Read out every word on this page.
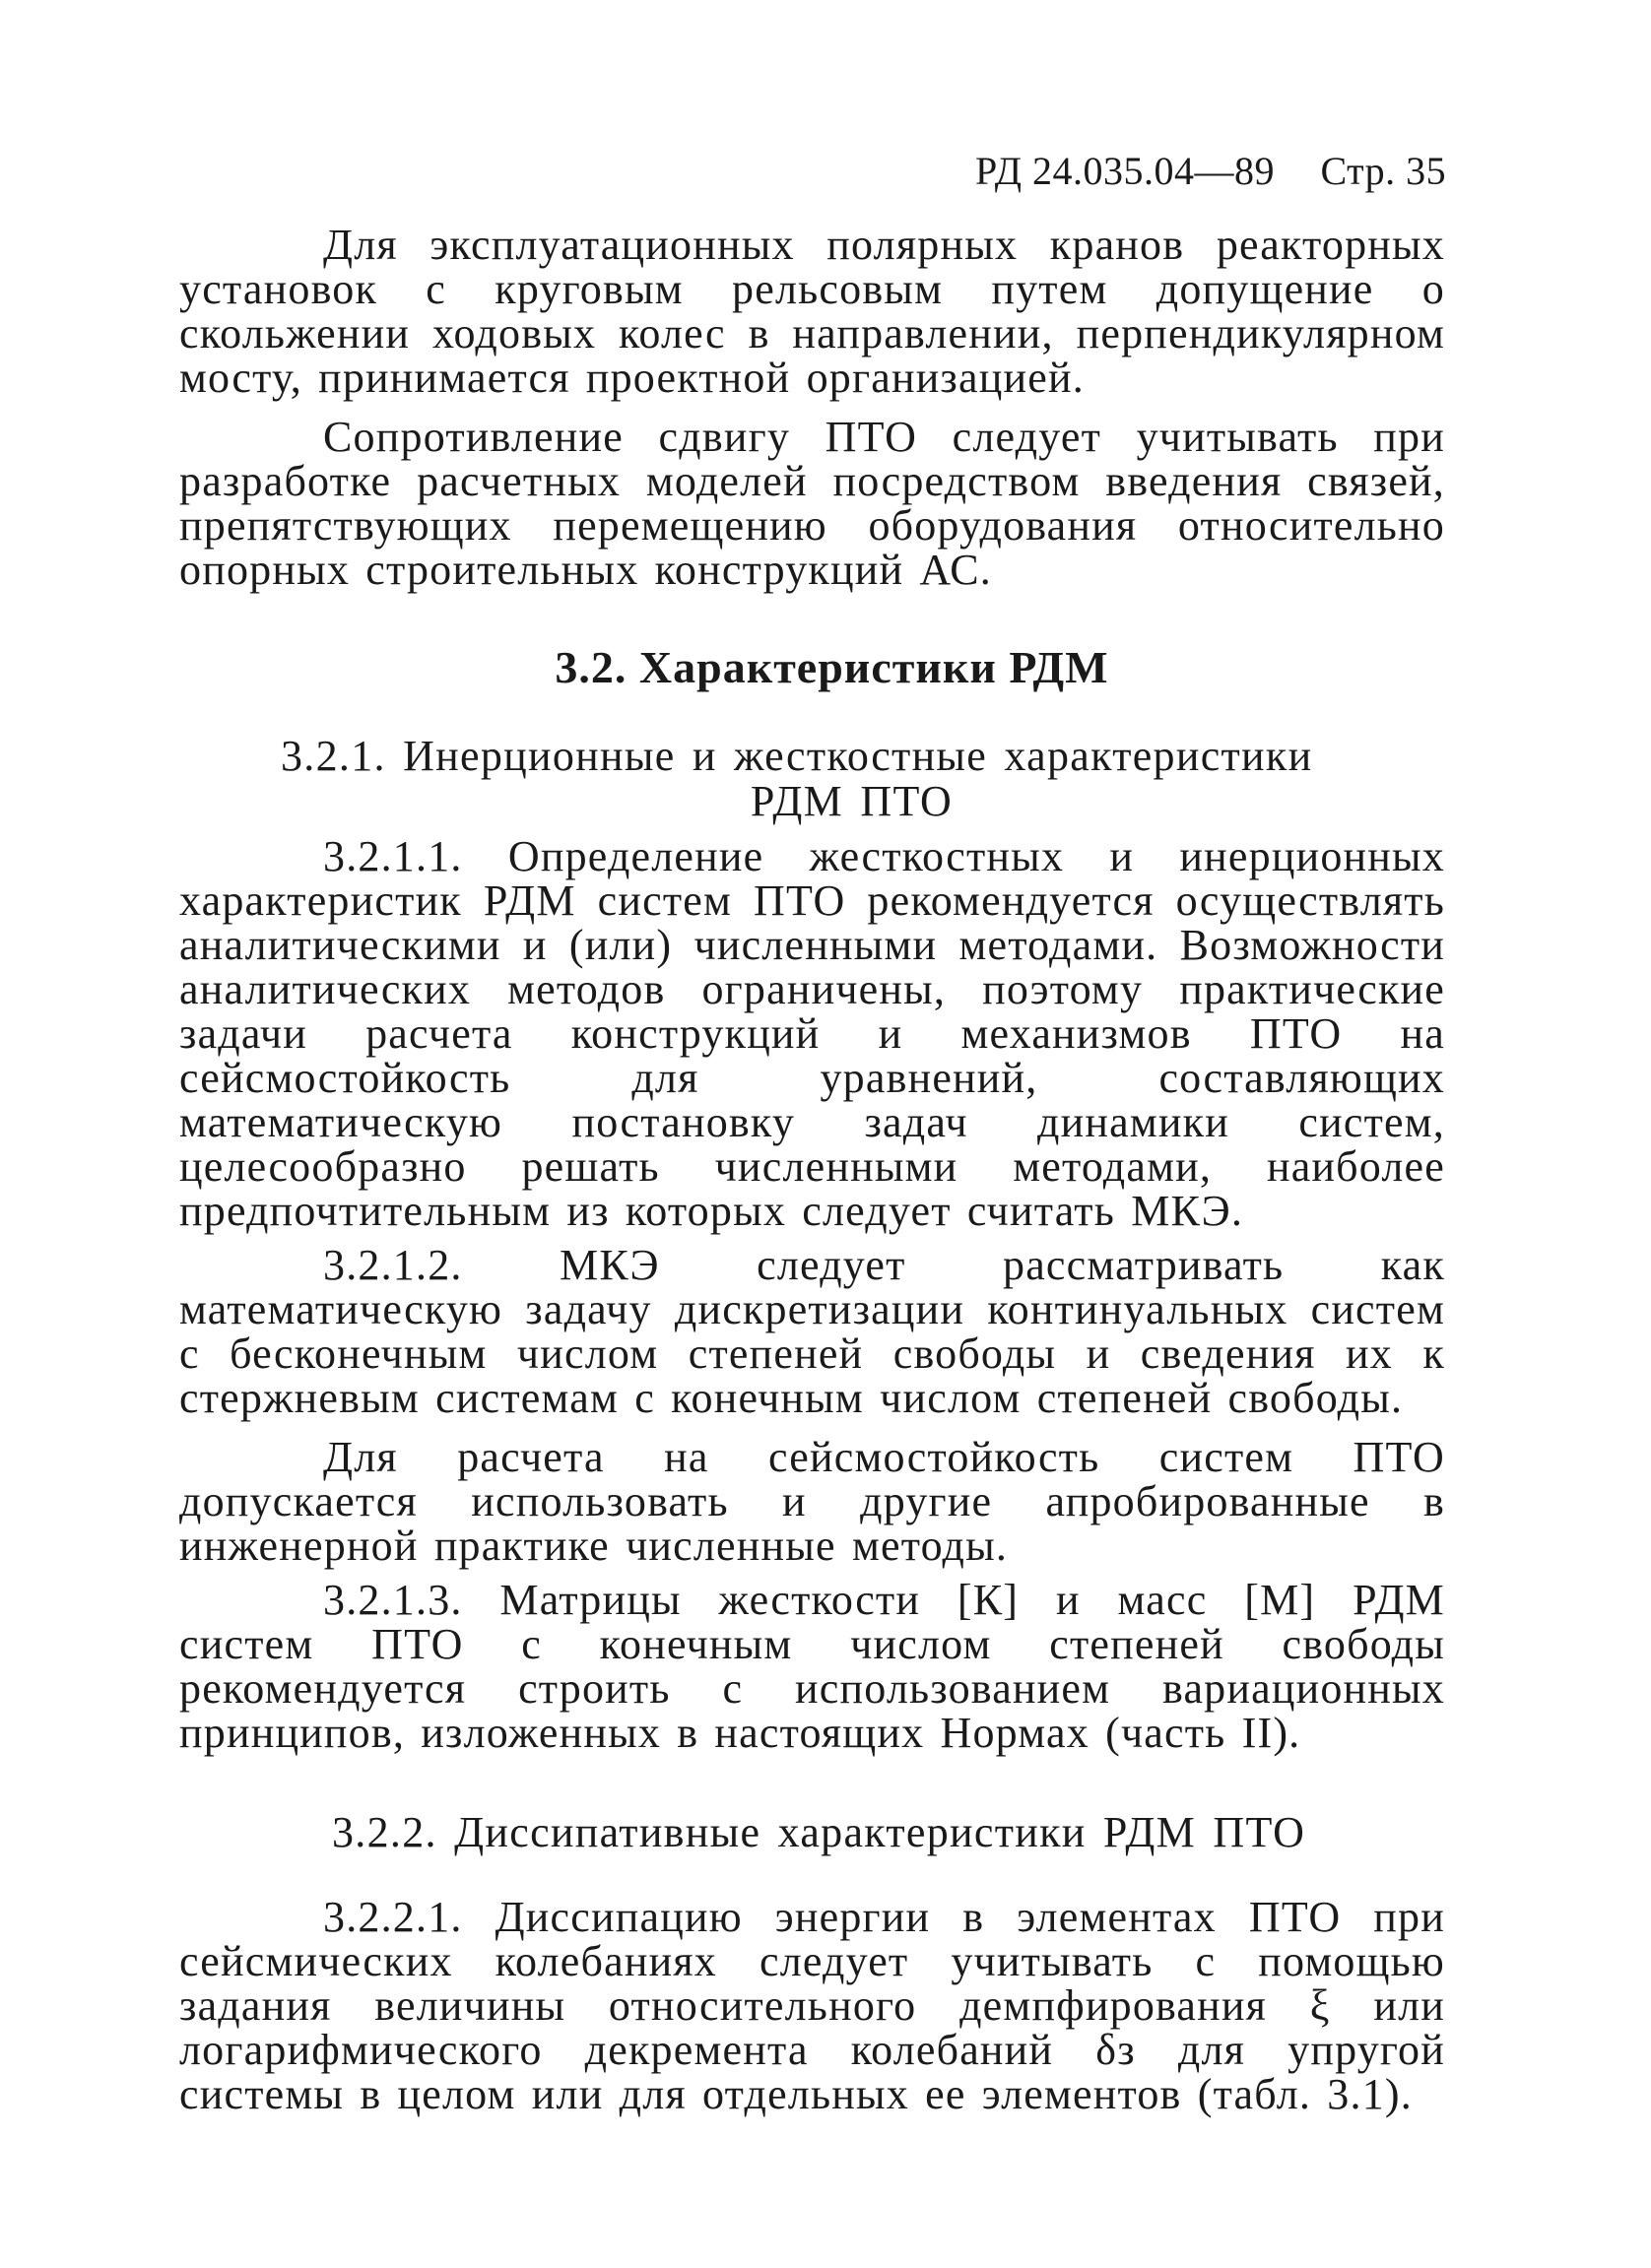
РД 24.035.04—89 Стр. 35

Для эксплуатационных полярных кранов реакторных установок с круговым рельсовым путем допущение о скольжении ходовых колес в направлении, перпендикулярном мосту, принимается проектной организацией.

Сопротивление сдвигу ПТО следует учитывать при разработке расчетных моделей посредством введения связей, препятствующих перемещению оборудования относительно опорных строительных конструкций АС.

3.2. Характеристики РДМ
3.2.1. Инерционные и жесткостные характеристики
РДМ ПТО

3.2.1.1. Определение жесткостных и инерционных характеристик РДМ систем ПТО рекомендуется осуществлять аналитическими и (или) численными методами. Возможности аналитических методов ограничены, поэтому практические задачи расчета конструкций и механизмов ПТО на сейсмостойкость для уравнений, составляющих математическую постановку задач динамики систем, целесообразно решать численными методами, наиболее предпочтительным из которых следует считать МКЭ.

3.2.1.2. МКЭ следует рассматривать как математическую задачу дискретизации континуальных систем с бесконечным числом степеней свободы и сведения их к стержневым системам с конечным числом степеней свободы.

Для расчета на сейсмостойкость систем ПТО допускается использовать и другие апробированные в инженерной практике численные методы.

3.2.1.3. Матрицы жесткости [К] и масс [М] РДМ систем ПТО с конечным числом степеней свободы рекомендуется строить с использованием вариационных принципов, изложенных в настоящих Нормах (часть II).

3.2.2. Диссипативные характеристики РДМ ПТО

3.2.2.1. Диссипацию энергии в элементах ПТО при сейсмических колебаниях следует учитывать с помощью задания величины относительного демпфирования ξ или логарифмического декремента колебаний δз для упругой системы в целом или для отдельных ее элементов (табл. 3.1).
